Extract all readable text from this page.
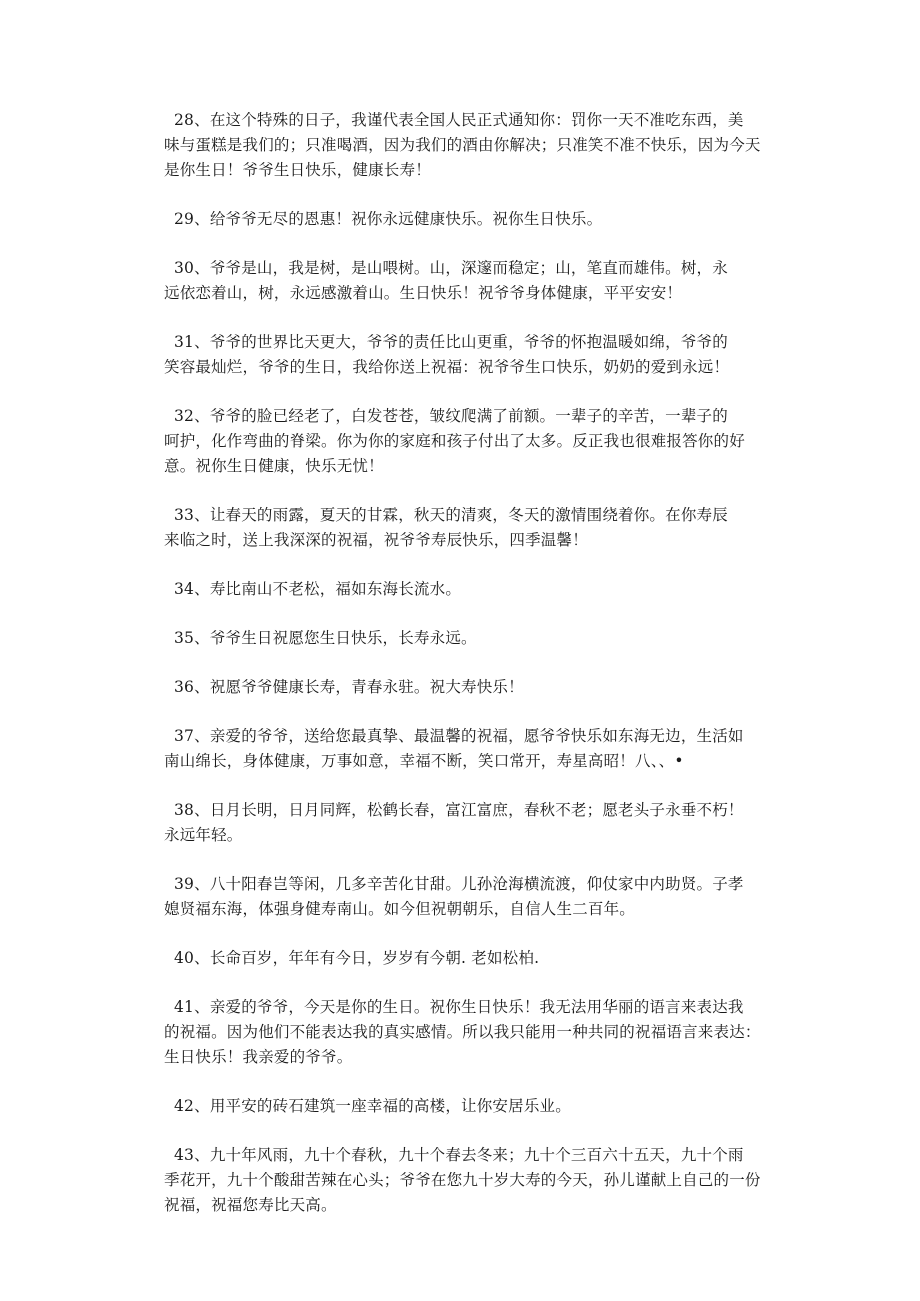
28、在这个特殊的日子，我谨代表全国人民正式通知你：罚你一天不准吃东西，美
味与蛋糕是我们的；只准喝酒，因为我们的酒由你解决；只准笑不准不快乐，因为今天
是你生日！爷爷生日快乐，健康长寿！

29、给爷爷无尽的恩惠！祝你永远健康快乐。祝你生日快乐。

30、爷爷是山，我是树，是山喂树。山，深邃而稳定；山，笔直而雄伟。树，永
远依恋着山，树，永远感激着山。生日快乐！祝爷爷身体健康，平平安安！

31、爷爷的世界比天更大，爷爷的责任比山更重，爷爷的怀抱温暖如绵，爷爷的
笑容最灿烂，爷爷的生日，我给你送上祝福：祝爷爷生口快乐，奶奶的爱到永远！

32、爷爷的脸已经老了，白发苍苍，皱纹爬满了前额。一辈子的辛苦，一辈子的
呵护，化作弯曲的脊梁。你为你的家庭和孩子付出了太多。反正我也很难报答你的好
意。祝你生日健康，快乐无忧！

33、让春天的雨露，夏天的甘霖，秋天的清爽，冬天的激情围绕着你。在你寿辰
来临之时，送上我深深的祝福，祝爷爷寿辰快乐，四季温馨！

34、寿比南山不老松，福如东海长流水。

35、爷爷生日祝愿您生日快乐，长寿永远。

36、祝愿爷爷健康长寿，青春永驻。祝大寿快乐！

37、亲爱的爷爷，送给您最真挚、最温馨的祝福，愿爷爷快乐如东海无边，生活如
南山绵长，身体健康，万事如意，幸福不断，笑口常开，寿星高昭！八、、•

38、日月长明，日月同辉，松鹤长春，富江富庶，春秋不老；愿老头子永垂不朽！
永远年轻。

39、八十阳春岂等闲，几多辛苦化甘甜。儿孙沧海横流渡，仰仗家中内助贤。子孝
媳贤福东海，体强身健寿南山。如今但祝朝朝乐，自信人生二百年。

40、长命百岁，年年有今日，岁岁有今朝. 老如松柏.

41、亲爱的爷爷，今天是你的生日。祝你生日快乐！我无法用华丽的语言来表达我
的祝福。因为他们不能表达我的真实感情。所以我只能用一种共同的祝福语言来表达：
生日快乐！我亲爱的爷爷。

42、用平安的砖石建筑一座幸福的高楼，让你安居乐业。

43、九十年风雨，九十个春秋，九十个春去冬来；九十个三百六十五天，九十个雨
季花开，九十个酸甜苦辣在心头；爷爷在您九十岁大寿的今天，孙儿谨献上自己的一份
祝福，祝福您寿比天高。
